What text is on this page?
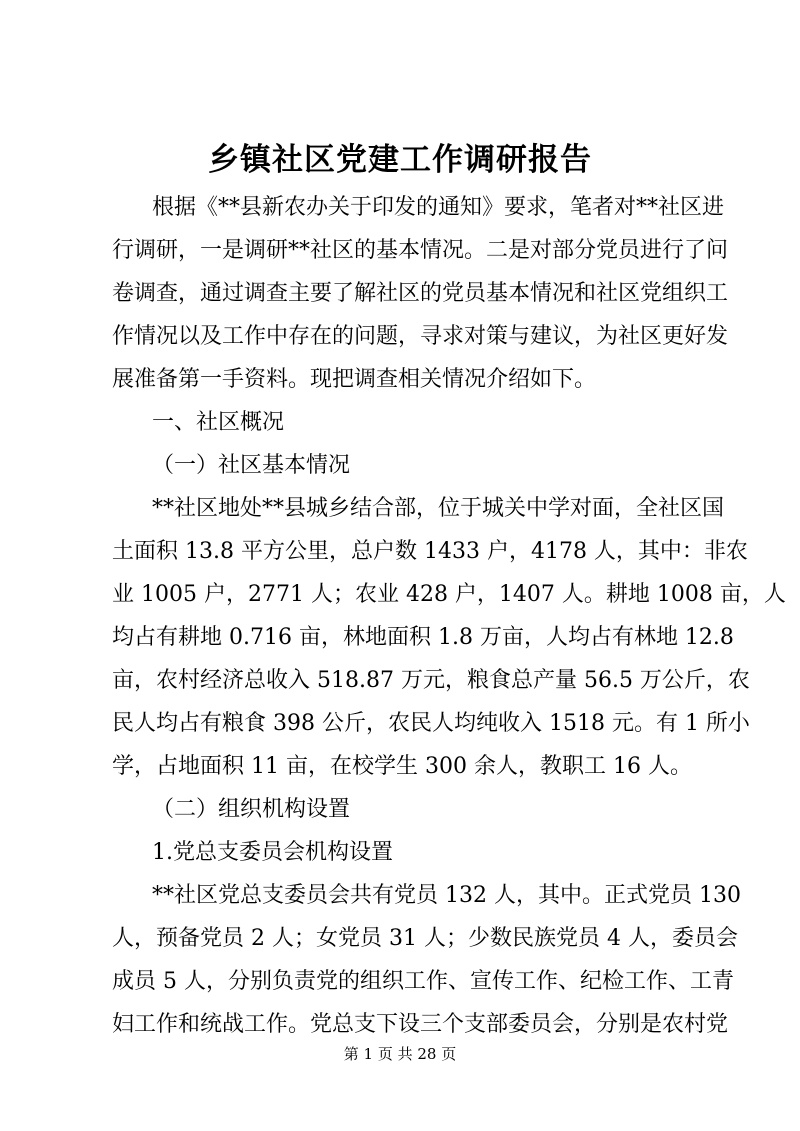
乡镇社区党建工作调研报告
根据《**县新农办关于印发的通知》要求，笔者对**社区进
行调研，一是调研**社区的基本情况。二是对部分党员进行了问
卷调查，通过调查主要了解社区的党员基本情况和社区党组织工
作情况以及工作中存在的问题，寻求对策与建议，为社区更好发
展准备第一手资料。现把调查相关情况介绍如下。
一、社区概况
（一）社区基本情况
**社区地处**县城乡结合部，位于城关中学对面，全社区国
土面积 13.8 平方公里，总户数 1433 户，4178 人，其中：非农
业 1005 户，2771 人；农业 428 户，1407 人。耕地 1008 亩，人
均占有耕地 0.716 亩，林地面积 1.8 万亩，人均占有林地 12.8
亩，农村经济总收入 518.87 万元，粮食总产量 56.5 万公斤，农
民人均占有粮食 398 公斤，农民人均纯收入 1518 元。有 1 所小
学，占地面积 11 亩，在校学生 300 余人，教职工 16 人。
（二）组织机构设置
1.党总支委员会机构设置
**社区党总支委员会共有党员 132 人，其中。正式党员 130
人，预备党员 2 人；女党员 31 人；少数民族党员 4 人，委员会
成员 5 人，分别负责党的组织工作、宣传工作、纪检工作、工青
妇工作和统战工作。党总支下设三个支部委员会，分别是农村党
第 1 页 共 28 页
